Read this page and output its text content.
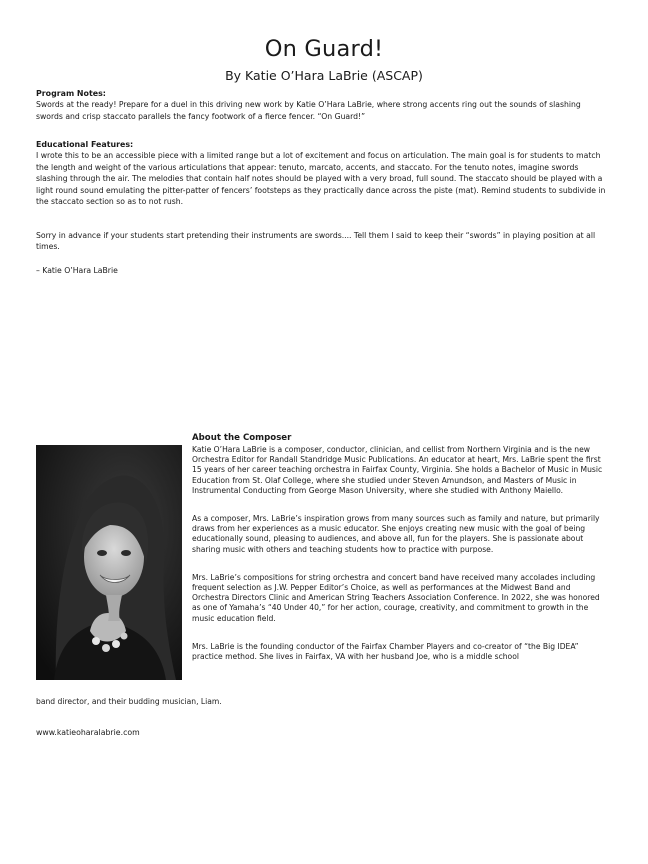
On Guard!
By Katie O’Hara LaBrie (ASCAP)
Program Notes:

Swords at the ready! Prepare for a duel in this driving new work by Katie O’Hara LaBrie, where strong accents ring out the sounds of slashing swords and crisp staccato parallels the fancy footwork of a fierce fencer. “On Guard!”

Educational Features:

I wrote this to be an accessible piece with a limited range but a lot of excitement and focus on articulation. The main goal is for students to match the length and weight of the various articulations that appear: tenuto, marcato, accents, and staccato. For the tenuto notes, imagine swords slashing through the air. The melodies that contain half notes should be played with a very broad, full sound. The staccato should be played with a light round sound emulating the pitter-patter of fencers’ footsteps as they practically dance across the piste (mat). Remind students to subdivide in the staccato section so as to not rush.

Sorry in advance if your students start pretending their instruments are swords.... Tell them I said to keep their “swords” in playing position at all times.

– Katie O’Hara LaBrie

About the Composer

Katie O’Hara LaBrie is a composer, conductor, clinician, and cellist from Northern Virginia and is the new Orchestra Editor for Randall Standridge Music Publications. An educator at heart, Mrs. LaBrie spent the first 15 years of her career teaching orchestra in Fairfax County, Virginia. She holds a Bachelor of Music in Music Education from St. Olaf College, where she studied under Steven Amundson, and Masters of Music in Instrumental Conducting from George Mason University, where she studied with Anthony Maiello.

As a composer, Mrs. LaBrie’s inspiration grows from many sources such as family and nature, but primarily draws from her experiences as a music educator. She enjoys creating new music with the goal of being educationally sound, pleasing to audiences, and above all, fun for the players. She is passionate about sharing music with others and teaching students how to practice with purpose.

Mrs. LaBrie’s compositions for string orchestra and concert band have received many accolades including frequent selection as J.W. Pepper Editor’s Choice, as well as performances at the Midwest Band and Orchestra Directors Clinic and American String Teachers Association Conference. In 2022, she was honored as one of Yamaha’s “40 Under 40,” for her action, courage, creativity, and commitment to growth in the music education field.

Mrs. LaBrie is the founding conductor of the Fairfax Chamber Players and co-creator of “the Big IDEA” practice method. She lives in Fairfax, VA with her husband Joe, who is a middle school

band director, and their budding musician, Liam.

www.katieoharalabrie.com
